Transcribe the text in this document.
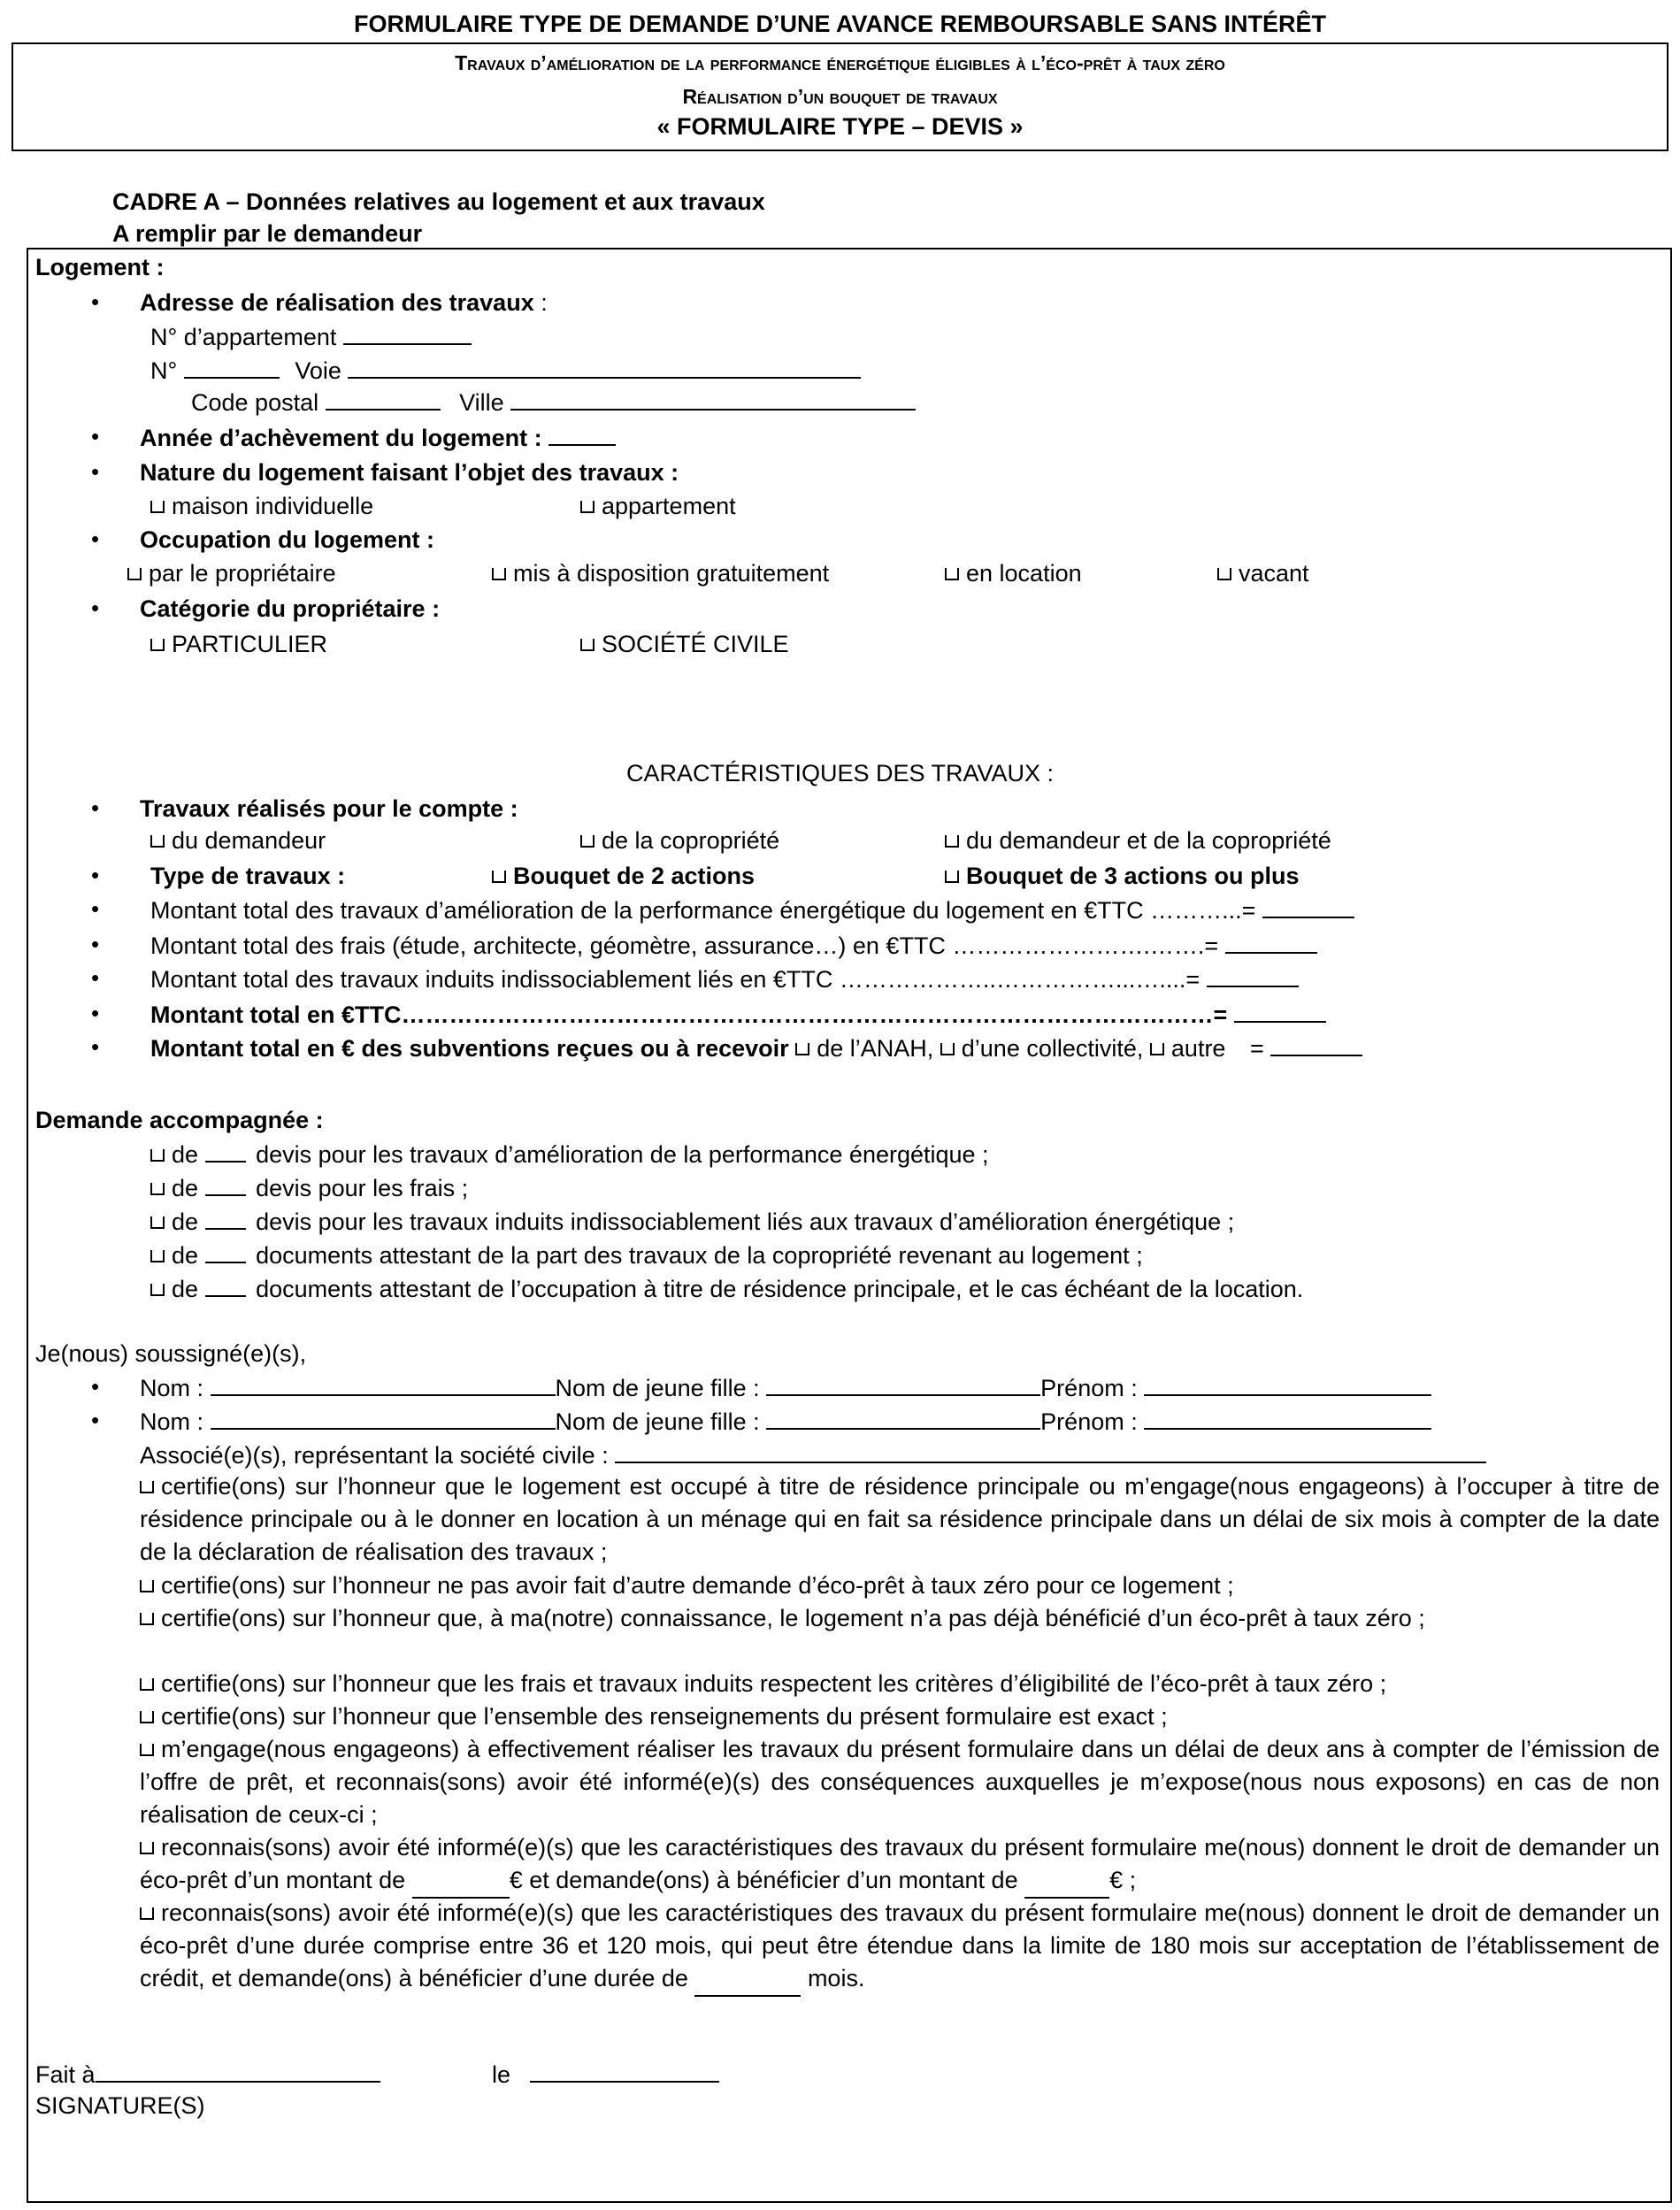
FORMULAIRE TYPE DE DEMANDE D’UNE AVANCE REMBOURSABLE SANS INTÉRÊT
Travaux d’amélioration de la performance énergétique éligibles à l’éco-prêt à taux zéro
Réalisation d’un bouquet de travaux
« FORMULAIRE TYPE – DEVIS »
CADRE A – Données relatives au logement et aux travaux
A remplir par le demandeur
Logement :
• Adresse de réalisation des travaux :
N° d’appartement
N°	Voie
Code postal	Ville
• Année d’achèvement du logement :
• Nature du logement faisant l’objet des travaux :
maison individuelle	appartement
• Occupation du logement :
par le propriétaire	mis à disposition gratuitement	en location	vacant
• Catégorie du propriétaire :
PARTICULIER	SOCIÉTÉ CIVILE
CARACTÉRISTIQUES DES TRAVAUX :
• Travaux réalisés pour le compte :
du demandeur	de la copropriété	du demandeur et de la copropriété
• Type de travaux :	Bouquet de 2 actions	Bouquet de 3 actions ou plus
• Montant total des travaux d’amélioration de la performance énergétique du logement en €TTC ………...=
• Montant total des frais (étude, architecte, géomètre, assurance…) en €TTC …………………….…….=
• Montant total des travaux induits indissociablement liés en €TTC ………………..……………...…....=
• Montant total en €TTC…………………………………………………………………………………………=
• Montant total en € des subventions reçues ou à recevoir de l’ANAH, d’une collectivité, autre =
Demande accompagnée :
de devis pour les travaux d’amélioration de la performance énergétique ;
de devis pour les frais ;
de devis pour les travaux induits indissociablement liés aux travaux d’amélioration énergétique ;
de documents attestant de la part des travaux de la copropriété revenant au logement ;
de documents attestant de l’occupation à titre de résidence principale, et le cas échéant de la location.
Je(nous) soussigné(e)(s),
• Nom :	Nom de jeune fille :	Prénom :
• Nom :	Nom de jeune fille :	Prénom :
Associé(e)(s), représentant la société civile :
certifie(ons) sur l’honneur que le logement est occupé à titre de résidence principale ou m’engage(nous engageons) à l’occuper à titre de résidence principale ou à le donner en location à un ménage qui en fait sa résidence principale dans un délai de six mois à compter de la date de la déclaration de réalisation des travaux ;
certifie(ons) sur l’honneur ne pas avoir fait d’autre demande d’éco-prêt à taux zéro pour ce logement ;
certifie(ons) sur l’honneur que, à ma(notre) connaissance, le logement n’a pas déjà bénéficié d’un éco-prêt à taux zéro ;
certifie(ons) sur l’honneur que les frais et travaux induits respectent les critères d’éligibilité de l’éco-prêt à taux zéro ;
certifie(ons) sur l’honneur que l’ensemble des renseignements du présent formulaire est exact ;
m’engage(nous engageons) à effectivement réaliser les travaux du présent formulaire dans un délai de deux ans à compter de l’émission de l’offre de prêt, et reconnais(sons) avoir été informé(e)(s) des conséquences auxquelles je m’expose(nous nous exposons) en cas de non réalisation de ceux-ci ;
reconnais(sons) avoir été informé(e)(s) que les caractéristiques des travaux du présent formulaire me(nous) donnent le droit de demander un éco-prêt d’un montant de	€ et demande(ons) à bénéficier d’un montant de	€ ;
reconnais(sons) avoir été informé(e)(s) que les caractéristiques des travaux du présent formulaire me(nous) donnent le droit de demander un éco-prêt d’une durée comprise entre 36 et 120 mois, qui peut être étendue dans la limite de 180 mois sur acceptation de l’établissement de crédit, et demande(ons) à bénéficier d’une durée de	mois.
Fait à	le
SIGNATURE(S)
